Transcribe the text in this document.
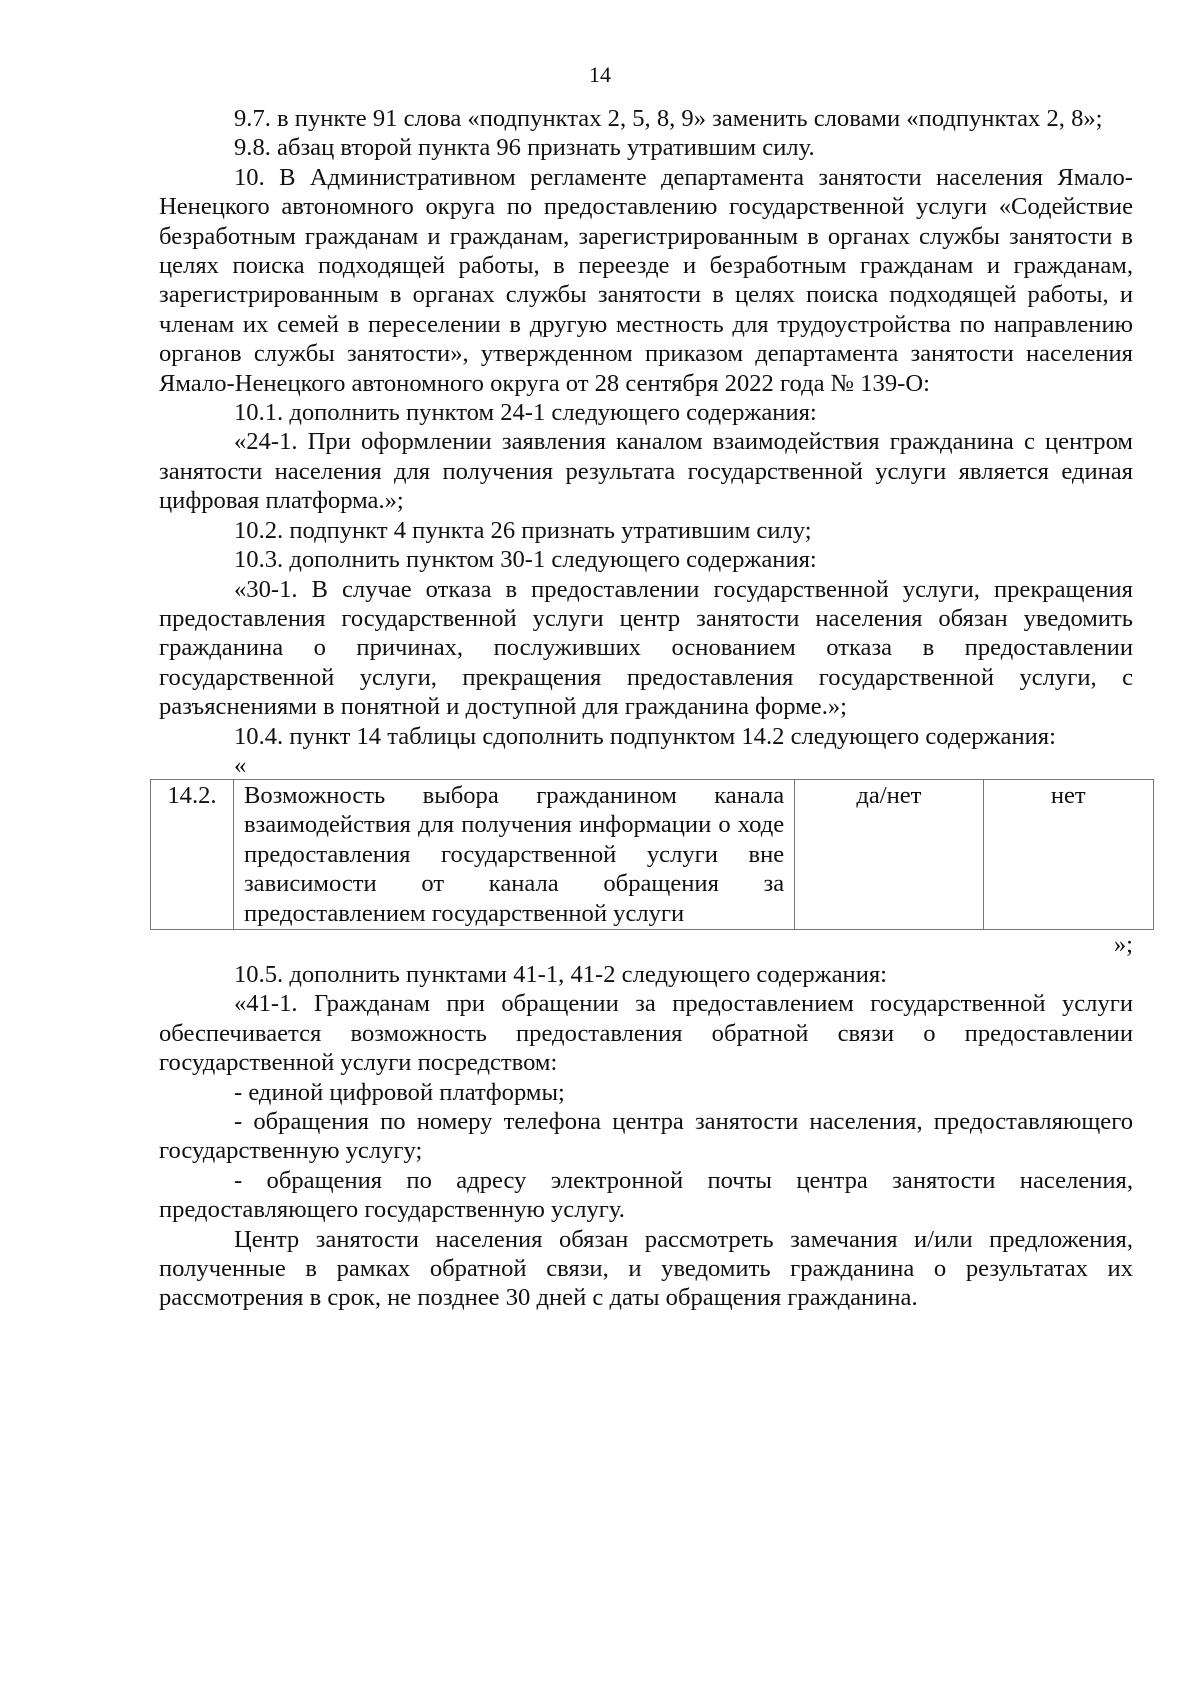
14

9.7. в пункте 91 слова «подпунктах 2, 5, 8, 9» заменить словами «подпунктах 2, 8»;

9.8. абзац второй пункта 96 признать утратившим силу.

10. В Административном регламенте департамента занятости населения Ямало-Ненецкого автономного округа по предоставлению государственной услуги «Содействие безработным гражданам и гражданам, зарегистрированным в органах службы занятости в целях поиска подходящей работы, в переезде и безработным гражданам и гражданам, зарегистрированным в органах службы занятости в целях поиска подходящей работы, и членам их семей в переселении в другую местность для трудоустройства по направлению органов службы занятости», утвержденном приказом департамента занятости населения Ямало-Ненецкого автономного округа от 28 сентября 2022 года № 139-О:

10.1. дополнить пунктом 24-1 следующего содержания:

«24-1. При оформлении заявления каналом взаимодействия гражданина с центром занятости населения для получения результата государственной услуги является единая цифровая платформа.»;

10.2. подпункт 4 пункта 26 признать утратившим силу;

10.3. дополнить пунктом 30-1 следующего содержания:

«30-1. В случае отказа в предоставлении государственной услуги, прекращения предоставления государственной услуги центр занятости населения обязан уведомить гражданина о причинах, послуживших основанием отказа в предоставлении государственной услуги, прекращения предоставления государственной услуги, с разъяснениями в понятной и доступной для гражданина форме.»;

10.4. пункт 14 таблицы сдополнить подпунктом 14.2 следующего содержания:

«
14.2.	Возможность выбора гражданином канала взаимодействия для получения информации о ходе предоставления государственной услуги вне зависимости от канала обращения за предоставлением государственной услуги	да/нет	нет
»;

10.5. дополнить пунктами 41-1, 41-2 следующего содержания:

«41-1. Гражданам при обращении за предоставлением государственной услуги обеспечивается возможность предоставления обратной связи о предоставлении государственной услуги посредством:

- единой цифровой платформы;

- обращения по номеру телефона центра занятости населения, предоставляющего государственную услугу;

- обращения по адресу электронной почты центра занятости населения, предоставляющего государственную услугу.

Центр занятости населения обязан рассмотреть замечания и/или предложения, полученные в рамках обратной связи, и уведомить гражданина о результатах их рассмотрения в срок, не позднее 30 дней с даты обращения гражданина.
